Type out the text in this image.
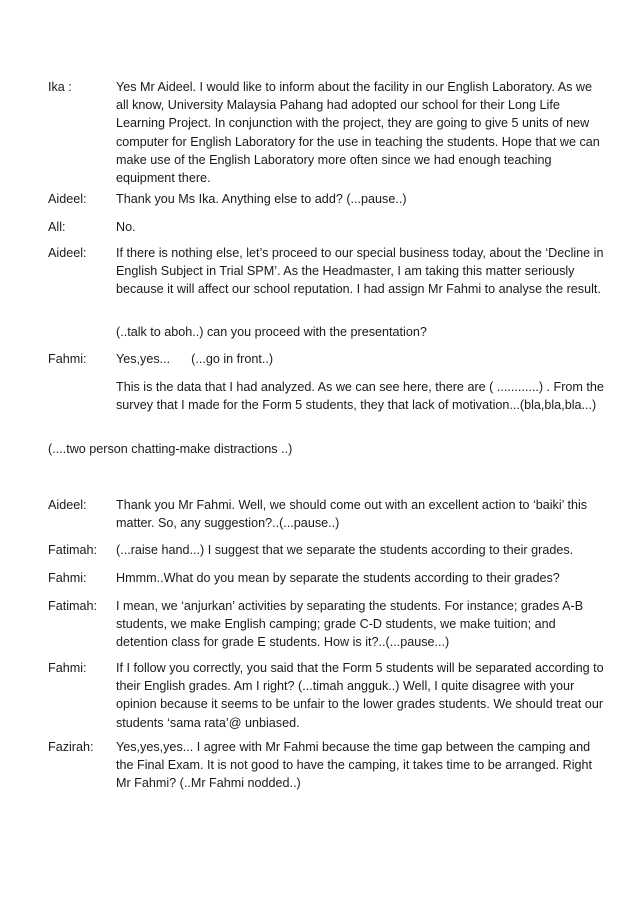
Ika :	Yes Mr Aideel. I would like to inform about the facility in our English Laboratory. As we all know, University Malaysia Pahang had adopted our school for their Long Life Learning Project. In conjunction with the project, they are going to give 5 units of new computer for English Laboratory for the use in teaching the students. Hope that we can make use of the English Laboratory more often since we had enough teaching equipment there.
Aideel:	Thank you Ms Ika. Anything else to add? (...pause..)
All:	No.
Aideel:	If there is nothing else, let’s proceed to our special business today, about the ‘Decline in English Subject in Trial SPM’. As the Headmaster, I am taking this matter seriously because it will affect our school reputation. I had assign Mr Fahmi to analyse the result.
(..talk to aboh..) can you proceed with the presentation?
Fahmi:	Yes,yes...      (...go in front..)
This is the data that I had analyzed. As we can see here, there are ( ............) . From the survey that I made for the Form 5 students, they that lack of motivation...(bla,bla,bla...)
(....two person chatting-make distractions ..)
Aideel:	Thank you Mr Fahmi. Well, we should come out with an excellent action to ‘baiki’ this matter. So, any suggestion?..(...pause..)
Fatimah:	(...raise hand...) I suggest that we separate the students according to their grades.
Fahmi:	Hmmm..What do you mean by separate the students according to their grades?
Fatimah:	I mean, we ‘anjurkan’ activities by separating the students. For instance; grades A-B students, we make English camping; grade C-D students, we make tuition; and detention class for grade E students. How is it?..(...pause...)
Fahmi:	If I follow you correctly, you said that the Form 5 students will be separated according to their English grades. Am I right? (...timah angguk..) Well, I quite disagree with your opinion because it seems to be unfair to the lower grades students. We should treat our students ‘sama rata’@ unbiased.
Fazirah:	Yes,yes,yes... I agree with Mr Fahmi because the time gap between the camping and the Final Exam. It is not good to have the camping, it takes time to be arranged. Right Mr Fahmi? (..Mr Fahmi nodded..)
